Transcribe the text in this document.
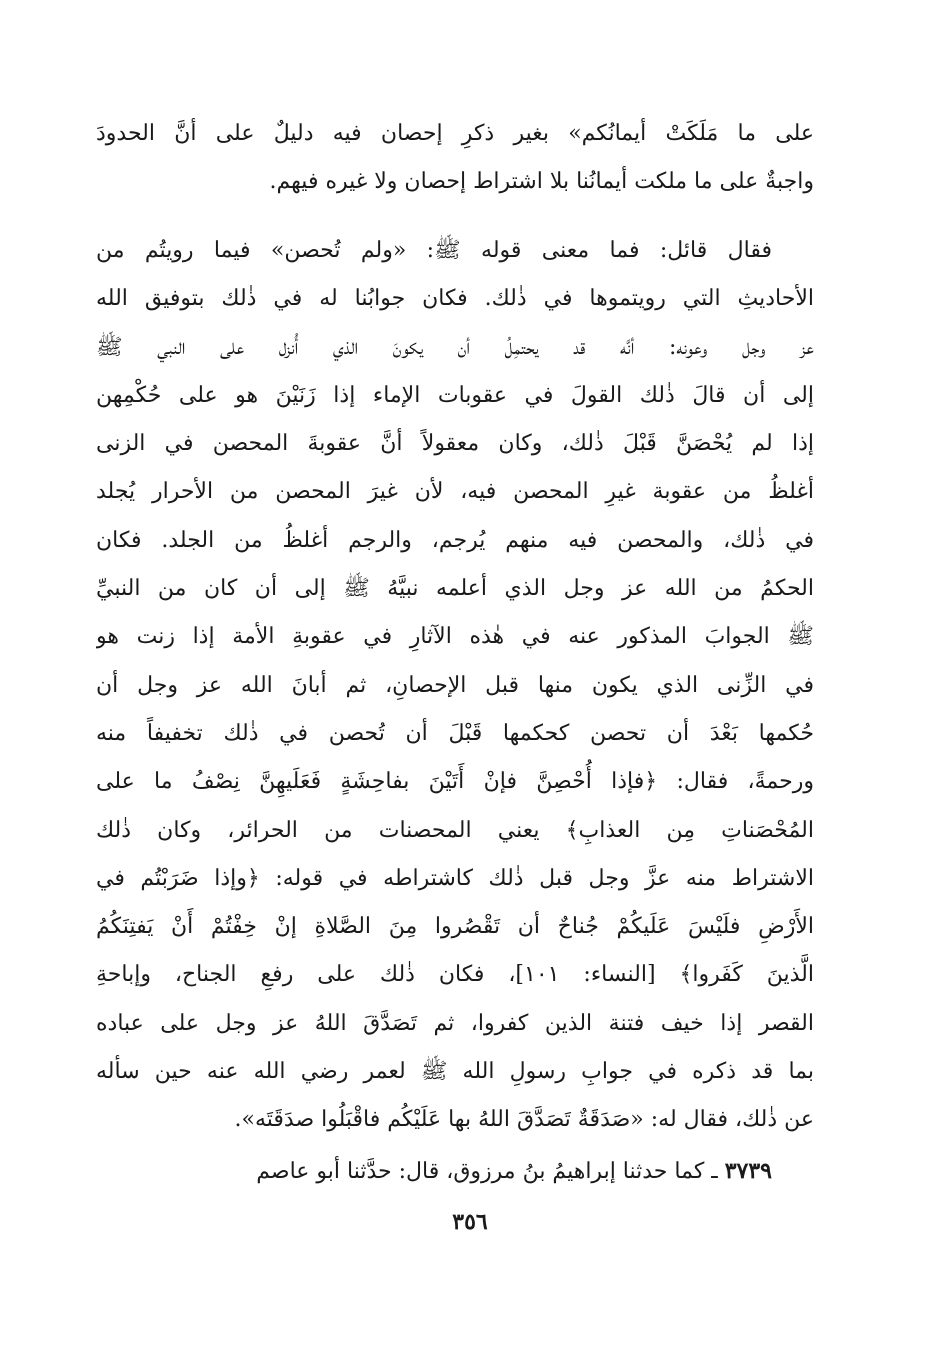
على ما مَلَكَتْ أيمانُكم» بغير ذكرِ إحصان فيه دليلٌ على أنَّ الحدودَ
واجبةٌ على ما ملكت أيمانُنا بلا اشتراط إحصان ولا غيره فيهم.
فقال قائل: فما معنى قوله ﷺ: «ولم تُحصن» فيما رويتُم من
الأحاديثِ التي رويتموها في ذٰلك. فكان جوابُنا له في ذٰلك بتوفيق الله
عز وجل وعونه: أنَّه قد يحتمِلُ أن يكونَ الذي أُنزل على النبي ﷺ
إلى أن قالَ ذٰلك القولَ في عقوبات الإماء إذا زَنَيْنَ هو على حُكْمِهن
إذا لم يُحْصَنَّ قَبْلَ ذٰلك، وكان معقولاً أنَّ عقوبةَ المحصن في الزنى
أغلظُ من عقوبة غيرِ المحصن فيه، لأن غيرَ المحصن من الأحرار يُجلد
في ذٰلك، والمحصن فيه منهم يُرجم، والرجم أغلظُ من الجلد. فكان
الحكمُ من الله عز وجل الذي أعلمه نبيَّهُ ﷺ إلى أن كان من النبيِّ
ﷺ الجوابَ المذكور عنه في هٰذه الآثارِ في عقوبةِ الأمة إذا زنت هو
في الزِّنى الذي يكون منها قبل الإحصانِ، ثم أبانَ الله عز وجل أن
حُكمها بَعْدَ أن تحصن كحكمها قَبْلَ أن تُحصن في ذٰلك تخفيفاً منه
ورحمةً، فقال: ﴿فإذا أُحْصِنَّ فإنْ أَتَيْنَ بفاحِشَةٍ فَعَلَيهِنَّ نِصْفُ ما على
المُحْصَناتِ مِن العذابِ﴾ يعني المحصنات من الحرائر، وكان ذٰلك
الاشتراط منه عزَّ وجل قبل ذٰلك كاشتراطه في قوله: ﴿وإذا ضَرَبْتُم في
الأَرْضِ فلَيْسَ عَلَيكُمْ جُناحٌ أن تَقْصُروا مِنَ الصَّلاةِ إنْ خِفْتُمْ أَنْ يَفتِنَكُمُ
الَّذينَ كَفَروا﴾ [النساء: ١٠١]، فكان ذٰلك على رفعِ الجناح، وإباحةِ
القصر إذا خيف فتنة الذين كفروا، ثم تَصَدَّقَ اللهُ عز وجل على عباده
بما قد ذكره في جوابِ رسولِ الله ﷺ لعمر رضي الله عنه حين سأله
عن ذٰلك، فقال له: «صَدَقَةٌ تَصَدَّقَ اللهُ بها عَلَيْكُم فاقْبَلُوا صدَقَتَه».
٣٧٣٩ ـ كما حدثنا إبراهيمُ بنُ مرزوق، قال: حدَّثنا أبو عاصم
٣٥٦
